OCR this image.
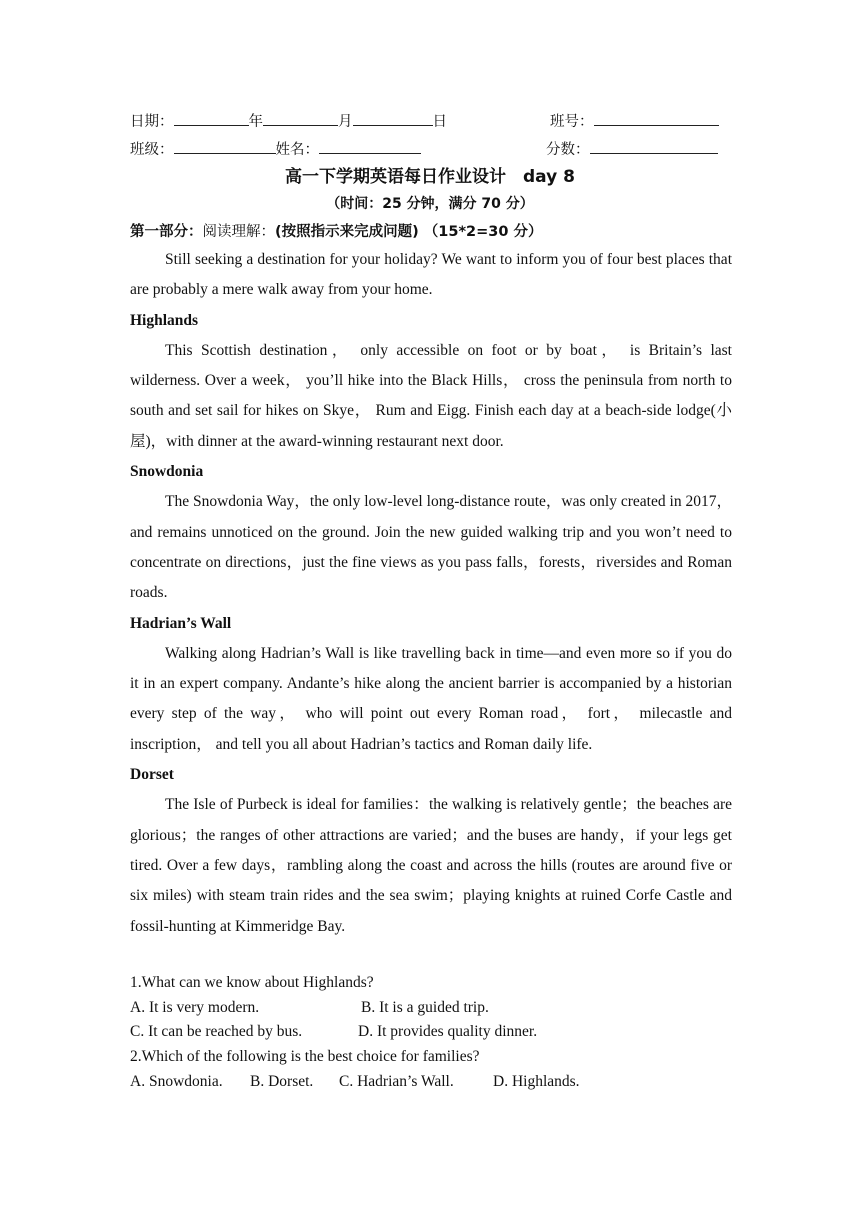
日期：	年	月	日	班号：
班级：	姓名：	分数：
高一下学期英语每日作业设计　day 8
（时间：25 分钟，满分 70 分）
第一部分：阅读理解：(按照指示来完成问题) （15*2=30 分）

Still seeking a destination for your holiday? We want to inform you of four best places that are probably a mere walk away from your home.

Highlands

This Scottish destination， only accessible on foot or by boat， is Britain’s last wilderness. Over a week， you’ll hike into the Black Hills， cross the peninsula from north to south and set sail for hikes on Skye， Rum and Eigg. Finish each day at a beach-side lodge(小屋)，with dinner at the award-winning restaurant next door.

Snowdonia

The Snowdonia Way，the only low-level long-distance route，was only created in 2017，and remains unnoticed on the ground. Join the new guided walking trip and you won’t need to concentrate on directions，just the fine views as you pass falls，forests，riversides and Roman roads.

Hadrian’s Wall

Walking along Hadrian’s Wall is like travelling back in time—and even more so if you do it in an expert company. Andante’s hike along the ancient barrier is accompanied by a historian every step of the way， who will point out every Roman road， fort， milecastle and inscription， and tell you all about Hadrian’s tactics and Roman daily life.

Dorset

The Isle of Purbeck is ideal for families：the walking is relatively gentle；the beaches are glorious；the ranges of other attractions are varied；and the buses are handy，if your legs get tired. Over a few days，rambling along the coast and across the hills (routes are around five or six miles) with steam train rides and the sea swim；playing knights at ruined Corfe Castle and fossil-hunting at Kimmeridge Bay.

1.What can we know about Highlands?
A. It is very modern.	B. It is a guided trip.
C. It can be reached by bus.	D. It provides quality dinner.
2.Which of the following is the best choice for families?
A. Snowdonia. B. Dorset. C. Hadrian’s Wall.	D. Highlands.
